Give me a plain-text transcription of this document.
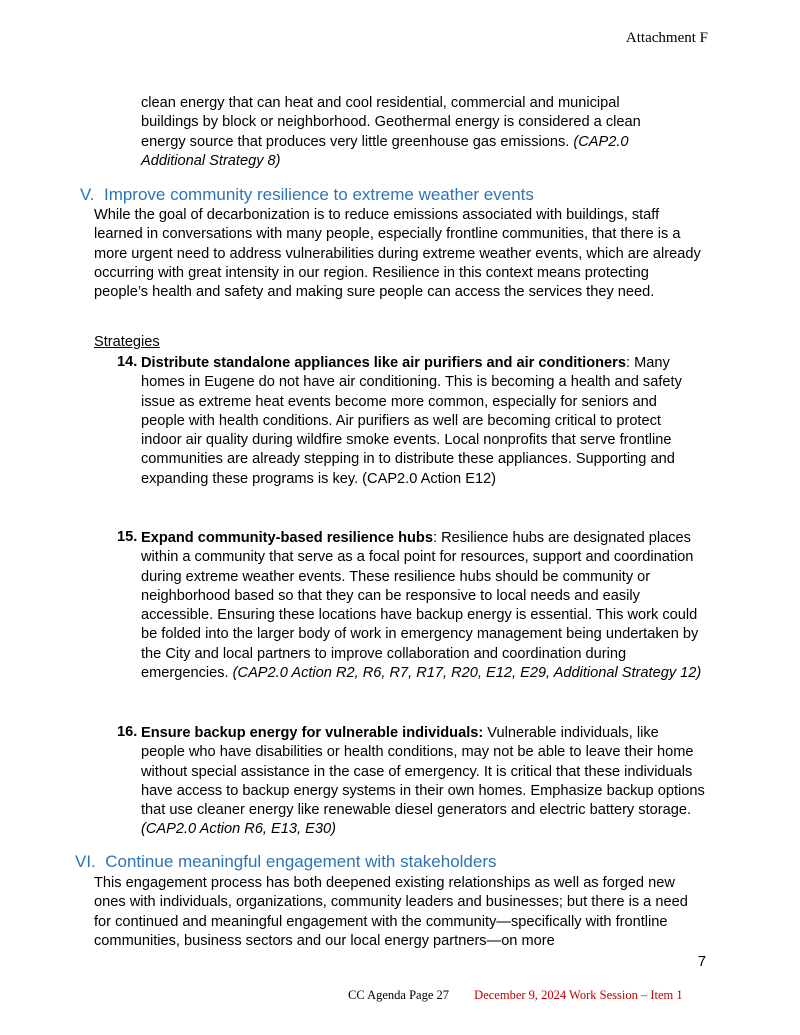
Attachment F

clean energy that can heat and cool residential, commercial and municipal buildings by block or neighborhood. Geothermal energy is considered a clean energy source that produces very little greenhouse gas emissions. (CAP2.0 Additional Strategy 8)

V. Improve community resilience to extreme weather events

While the goal of decarbonization is to reduce emissions associated with buildings, staff learned in conversations with many people, especially frontline communities, that there is a more urgent need to address vulnerabilities during extreme weather events, which are already occurring with great intensity in our region. Resilience in this context means protecting people’s health and safety and making sure people can access the services they need.

Strategies
14. Distribute standalone appliances like air purifiers and air conditioners: Many homes in Eugene do not have air conditioning. This is becoming a health and safety issue as extreme heat events become more common, especially for seniors and people with health conditions. Air purifiers as well are becoming critical to protect indoor air quality during wildfire smoke events. Local nonprofits that serve frontline communities are already stepping in to distribute these appliances. Supporting and expanding these programs is key. (CAP2.0 Action E12)

15. Expand community-based resilience hubs: Resilience hubs are designated places within a community that serve as a focal point for resources, support and coordination during extreme weather events. These resilience hubs should be community or neighborhood based so that they can be responsive to local needs and easily accessible. Ensuring these locations have backup energy is essential. This work could be folded into the larger body of work in emergency management being undertaken by the City and local partners to improve collaboration and coordination during emergencies. (CAP2.0 Action R2, R6, R7, R17, R20, E12, E29, Additional Strategy 12)

16. Ensure backup energy for vulnerable individuals: Vulnerable individuals, like people who have disabilities or health conditions, may not be able to leave their home without special assistance in the case of emergency. It is critical that these individuals have access to backup energy systems in their own homes. Emphasize backup options that use cleaner energy like renewable diesel generators and electric battery storage. (CAP2.0 Action R6, E13, E30)

VI. Continue meaningful engagement with stakeholders

This engagement process has both deepened existing relationships as well as forged new ones with individuals, organizations, community leaders and businesses; but there is a need for continued and meaningful engagement with the community—specifically with frontline communities, business sectors and our local energy partners—on more

7
CC Agenda Page 27 December 9, 2024 Work Session – Item 1
